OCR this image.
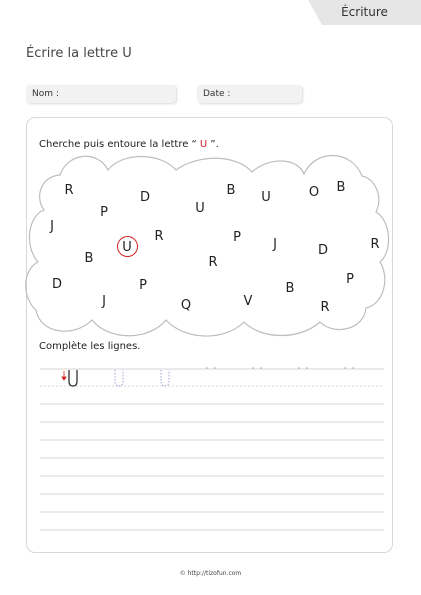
Écriture
Écrire la lettre U
Nom :	Date :
Cherche puis entoure la lettre “ U ”.
R
P
D	B U	O B
J
U
U
R	P	J	D	R
B	R
D	P
J	Q	V
B
P
R
Complète les lignes.
© http://tizofun.com
